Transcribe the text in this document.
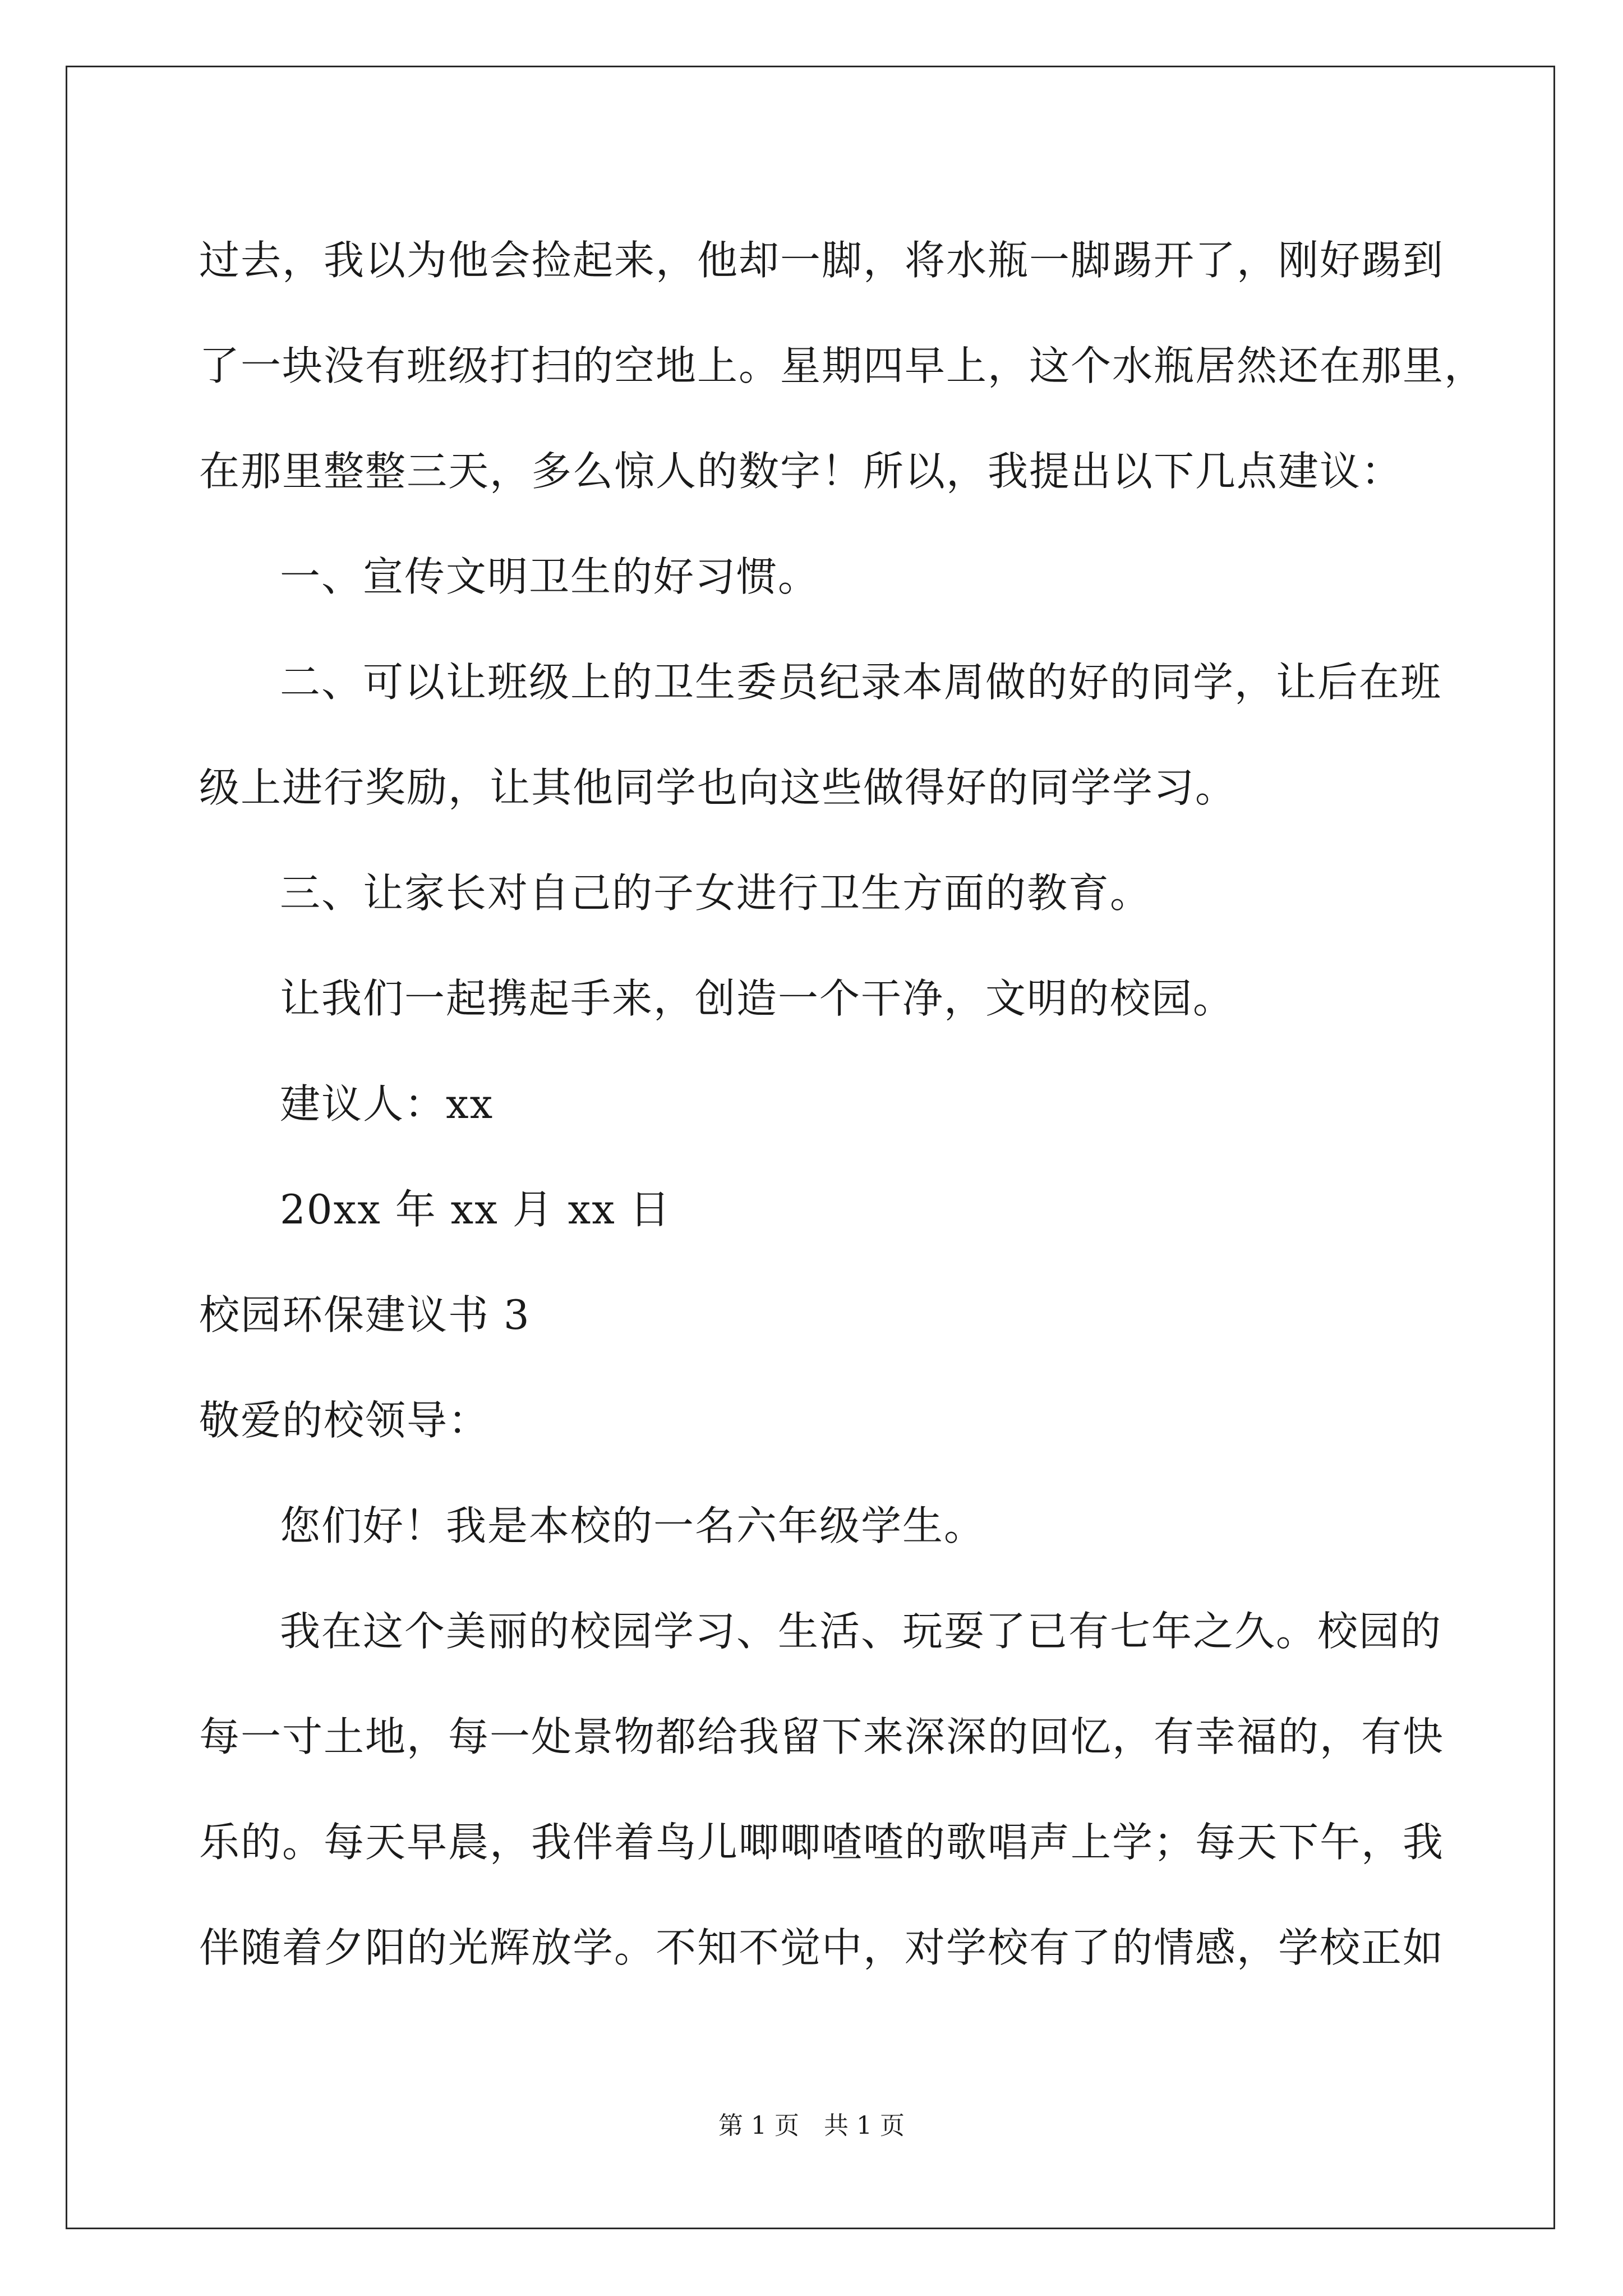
过去，我以为他会捡起来，他却一脚，将水瓶一脚踢开了，刚好踢到
了一块没有班级打扫的空地上。星期四早上，这个水瓶居然还在那里，
在那里整整三天，多么惊人的数字！所以，我提出以下几点建议：
一、宣传文明卫生的好习惯。
二、可以让班级上的卫生委员纪录本周做的好的同学，让后在班
级上进行奖励，让其他同学也向这些做得好的同学学习。
三、让家长对自己的子女进行卫生方面的教育。
让我们一起携起手来，创造一个干净，文明的校园。
建议人：xx
20xx 年 xx 月 xx 日
校园环保建议书 3
敬爱的校领导：
您们好！我是本校的一名六年级学生。
我在这个美丽的校园学习、生活、玩耍了已有七年之久。校园的
每一寸土地，每一处景物都给我留下来深深的回忆，有幸福的，有快
乐的。每天早晨，我伴着鸟儿唧唧喳喳的歌唱声上学；每天下午，我
伴随着夕阳的光辉放学。不知不觉中，对学校有了的情感，学校正如
第 1 页　共 1 页
